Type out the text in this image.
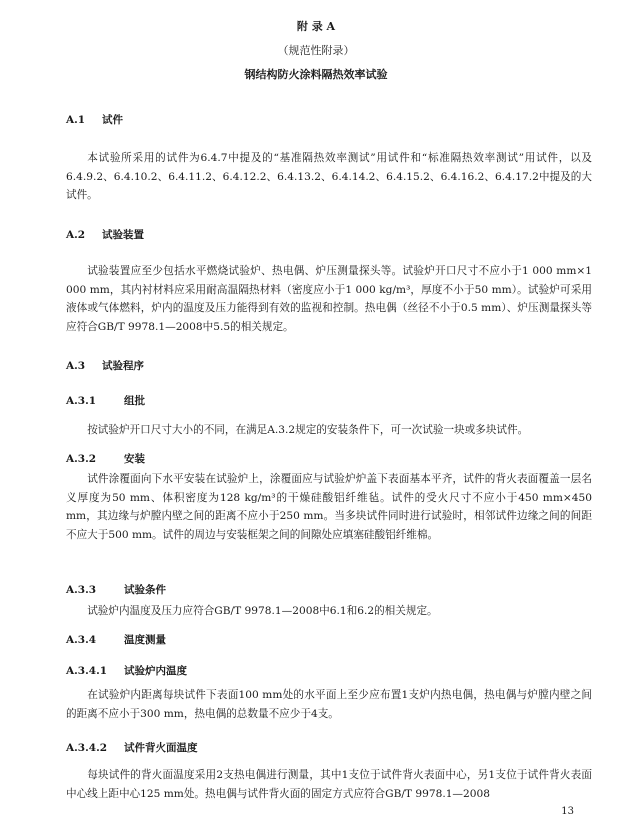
附 录 A
（规范性附录）
钢结构防火涂料隔热效率试验
A.1 试件
本试验所采用的试件为6.4.7中提及的“基准隔热效率测试”用试件和“标准隔热效率测试”用试件，以及6.4.9.2、6.4.10.2、6.4.11.2、6.4.12.2、6.4.13.2、6.4.14.2、6.4.15.2、6.4.16.2、6.4.17.2中提及的大试件。
A.2 试验装置
试验装置应至少包括水平燃烧试验炉、热电偶、炉压测量探头等。试验炉开口尺寸不应小于1 000 mm×1 000 mm，其内衬材料应采用耐高温隔热材料（密度应小于1 000 kg/m³，厚度不小于50 mm）。试验炉可采用液体或气体燃料，炉内的温度及压力能得到有效的监视和控制。热电偶（丝径不小于0.5 mm）、炉压测量探头等应符合GB/T 9978.1—2008中5.5的相关规定。
A.3 试验程序
A.3.1	组批
按试验炉开口尺寸大小的不同，在满足A.3.2规定的安装条件下，可一次试验一块或多块试件。
A.3.2	安装
试件涂覆面向下水平安装在试验炉上，涂覆面应与试验炉炉盖下表面基本平齐，试件的背火表面覆盖一层名义厚度为50 mm、体积密度为128 kg/m³的干燥硅酸铝纤维毡。试件的受火尺寸不应小于450 mm×450 mm，其边缘与炉膛内壁之间的距离不应小于250 mm。当多块试件同时进行试验时，相邻试件边缘之间的间距不应大于500 mm。试件的周边与安装框架之间的间隙处应填塞硅酸铝纤维棉。
A.3.3	试验条件
试验炉内温度及压力应符合GB/T 9978.1—2008中6.1和6.2的相关规定。
A.3.4	温度测量
A.3.4.1 试验炉内温度
在试验炉内距离每块试件下表面100 mm处的水平面上至少应布置1支炉内热电偶，热电偶与炉膛内壁之间的距离不应小于300 mm，热电偶的总数量不应少于4支。
A.3.4.2 试件背火面温度
每块试件的背火面温度采用2支热电偶进行测量，其中1支位于试件背火表面中心，另1支位于试件背火表面中心线上距中心125 mm处。热电偶与试件背火面的固定方式应符合GB/T 9978.1—2008
13
